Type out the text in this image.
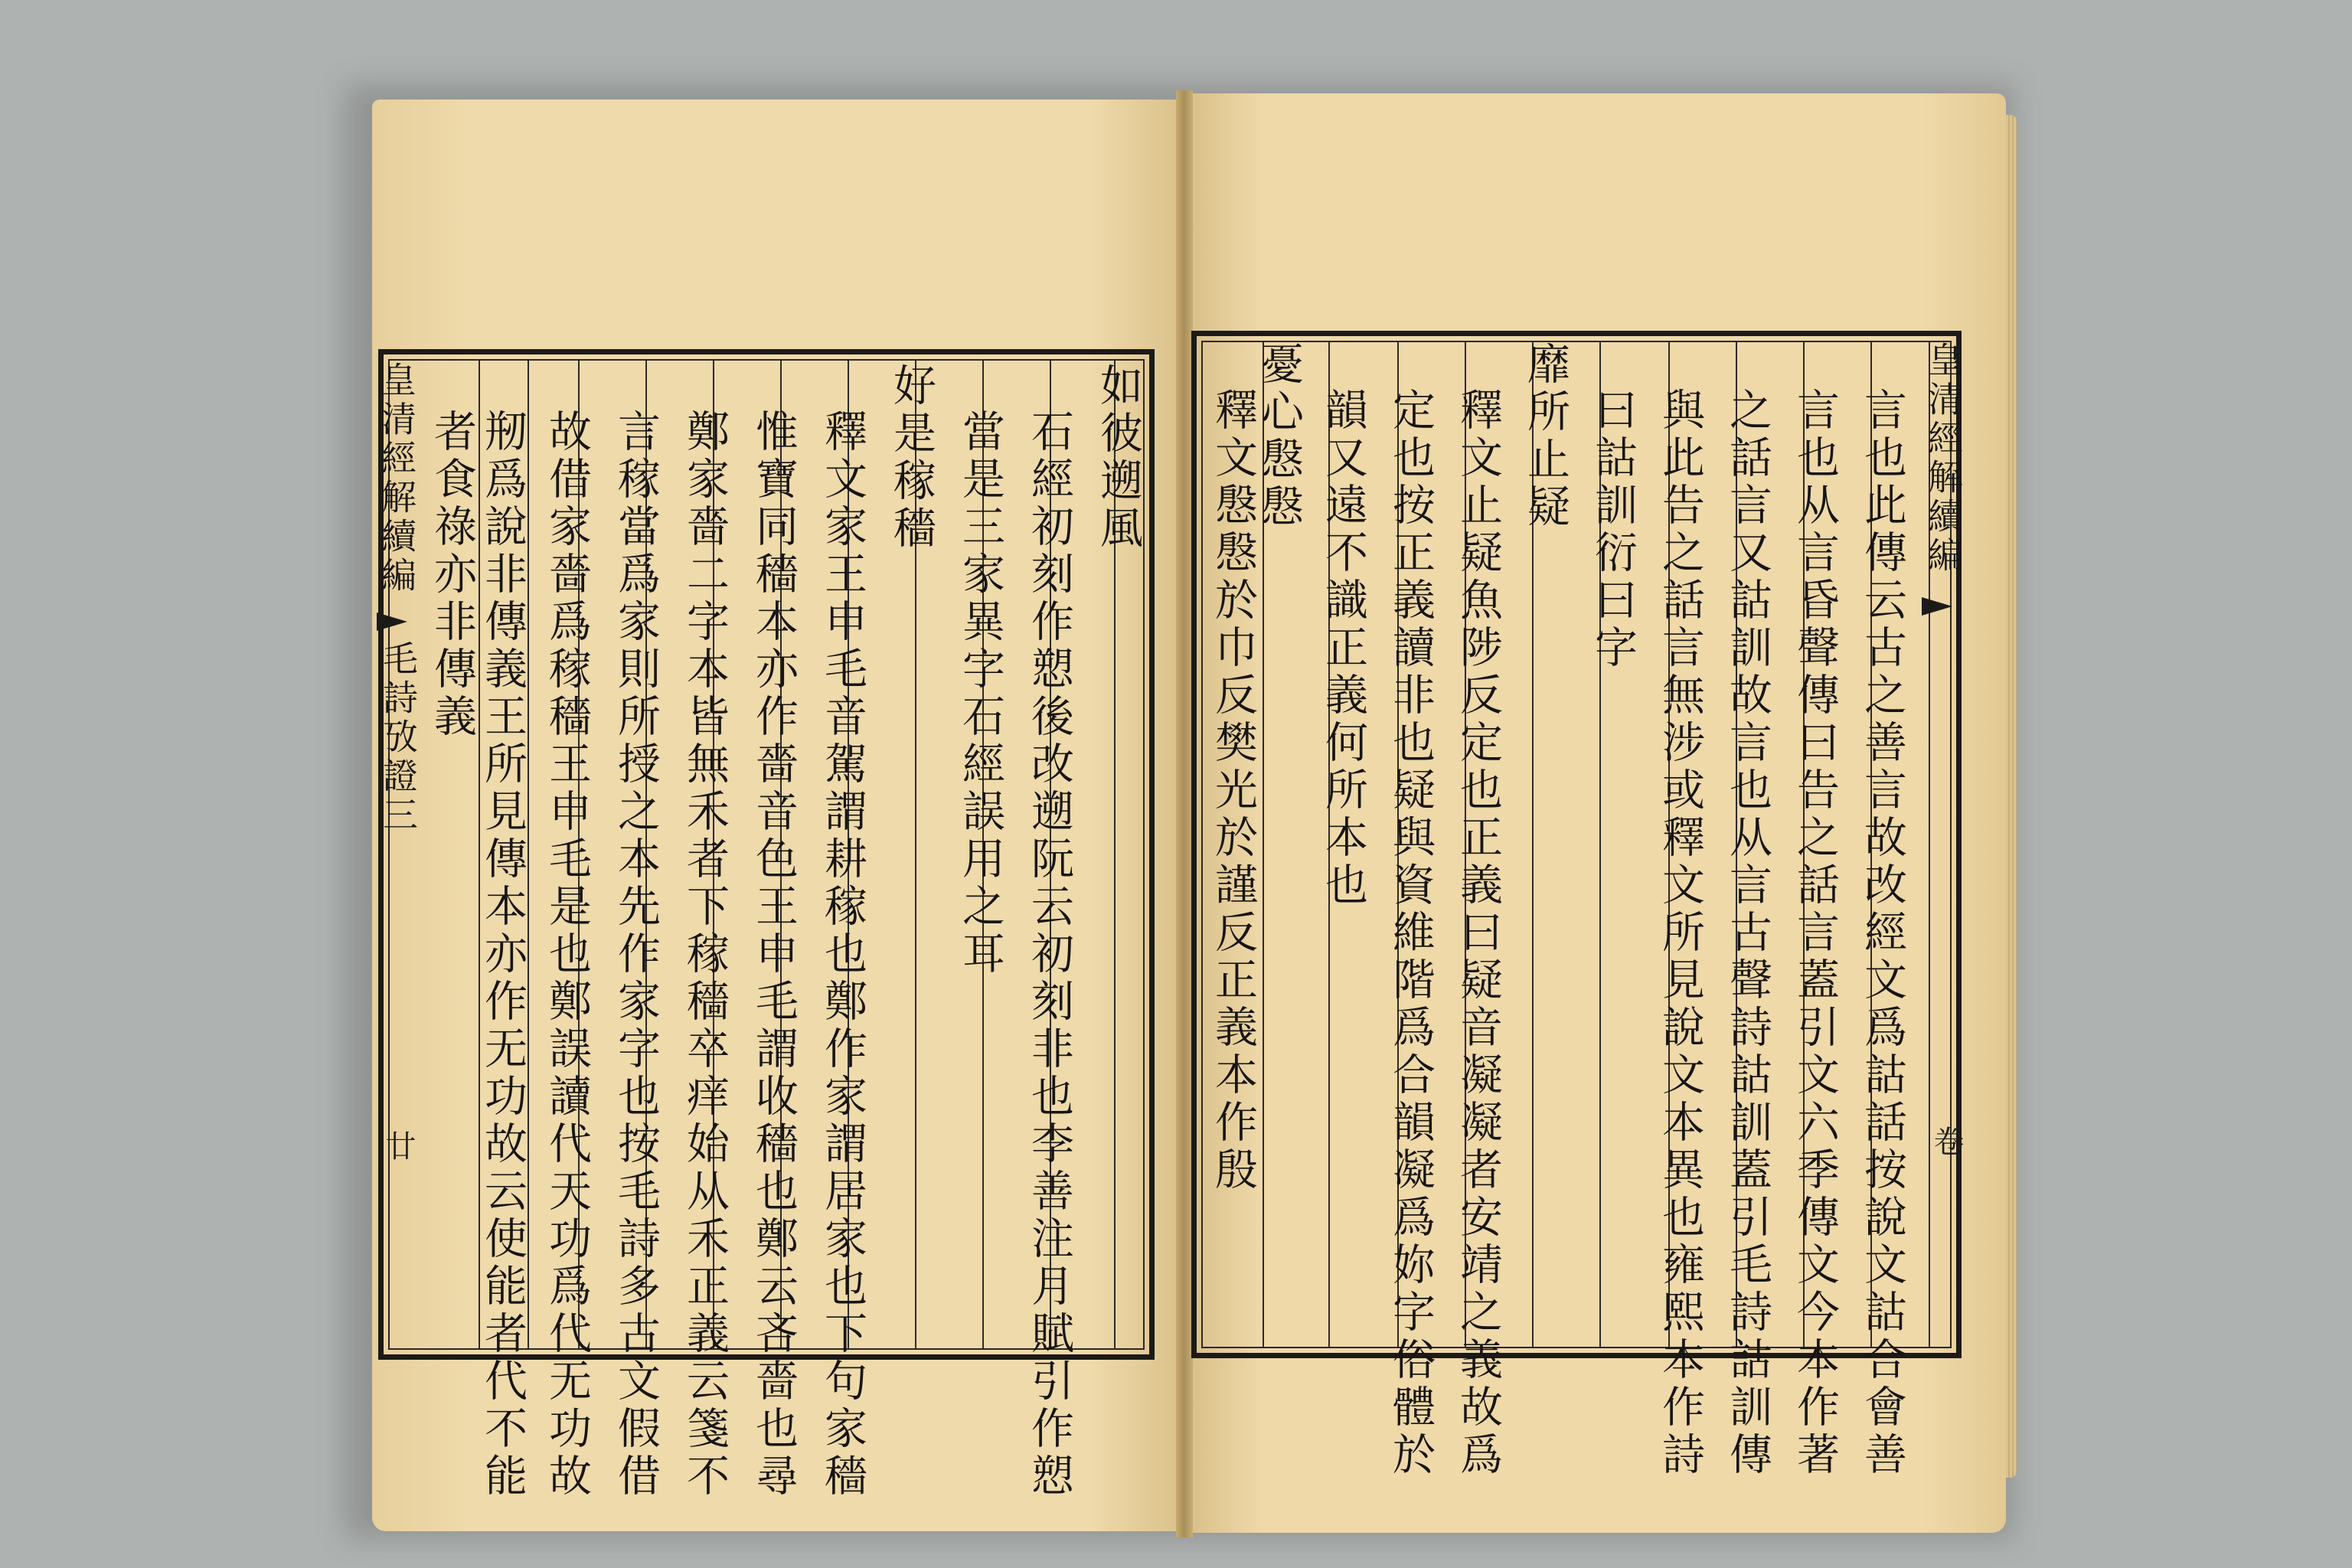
皇清經解續編
毛詩攷證三
廿
如彼遡風
石經初刻作愬後改遡阮云初刻非也李善注月賦引作愬
當是三家異字石經誤用之耳
好是稼穡
釋文家王申毛音駕謂耕稼也鄭作家謂居家也下句家穡
惟寶同穡本亦作嗇音色王申毛謂收穡也鄭云吝嗇也尋
鄭家嗇二字本皆無禾者下稼穡卒痒始从禾正義云箋不
言稼當爲家則所授之本先作家字也按毛詩多古文假借
故借家嗇爲稼穡王申毛是也鄭誤讀代天功爲代无功故
剏爲說非傳義王所見傳本亦作无功故云使能者代不能
者食祿亦非傳義	皇清經解續編
卷
言也此傳云古之善言故改經文爲詁話按說文詁合會善
言也从言昏聲傳曰告之話言蓋引文六季傳文今本作著
之話言又詁訓故言也从言古聲詩詁訓蓋引毛詩詁訓傳
與此告之話言無涉或釋文所見說文本異也雍熙本作詩
曰詁訓衍曰字
靡所止疑
釋文止疑魚陟反定也正義曰疑音凝凝者安靖之義故爲
定也按正義讀非也疑與資維階爲合韻凝爲妳字俗體於
韻又遠不識正義何所本也
憂心慇慇
釋文慇慇於巾反樊光於謹反正義本作殷
